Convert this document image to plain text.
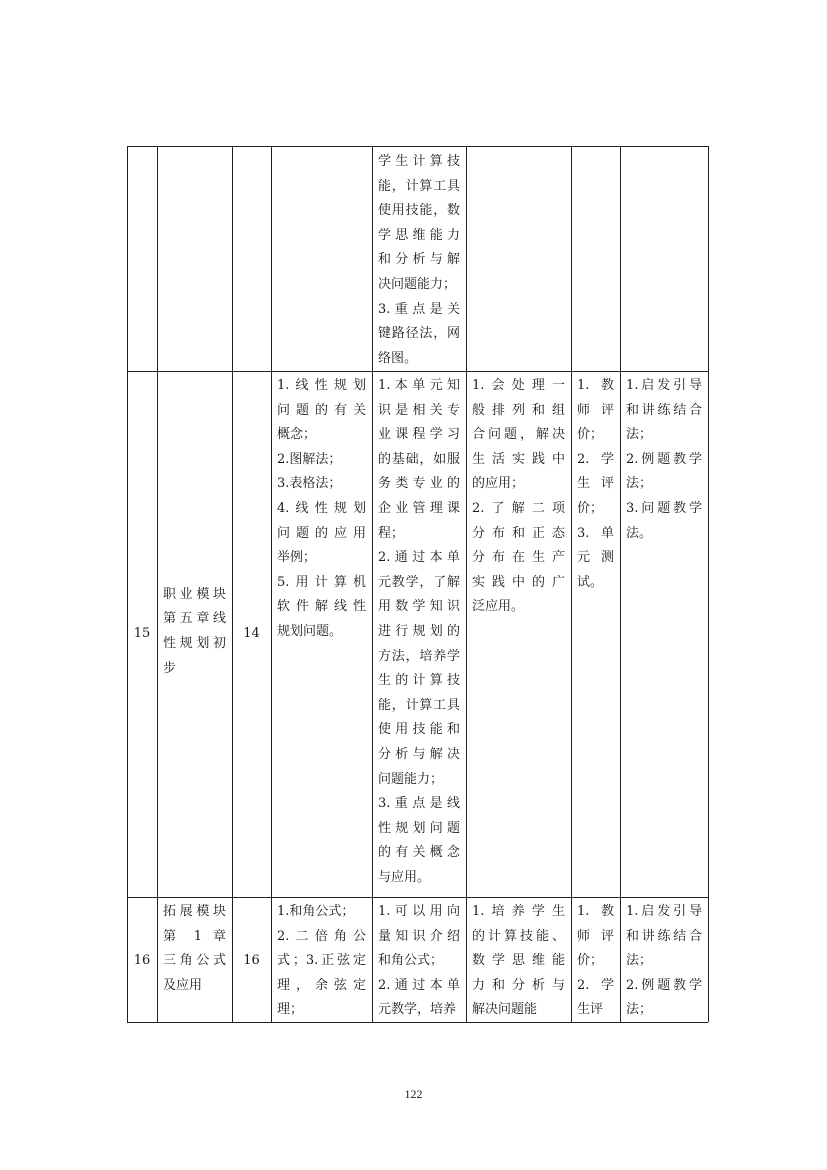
学生计算技
能，计算工具
使用技能，数
学思维能力
和分析与解
决问题能力；
3.重点是关
键路径法，网
络图。
15
职业模块
第五章线
性规划初
步
14
1.线性规划
问题的有关
概念；
2.图解法；
3.表格法；
4.线性规划
问题的应用
举例；
5.用计算机
软件解线性
规划问题。
1.本单元知
识是相关专
业课程学习
的基础，如服
务类专业的
企业管理课
程；
2.通过本单
元教学，了解
用数学知识
进行规划的
方法，培养学
生的计算技
能，计算工具
使用技能和
分析与解决
问题能力；
3.重点是线
性规划问题
的有关概念
与应用。
1.会处理一
般排列和组
合问题，解决
生活实践中
的应用；
2.了解二项
分布和正态
分布在生产
实践中的广
泛应用。
1.教
师评
价；
2.学
生评
价；
3.单
元测
试。
1.启发引导
和讲练结合
法；
2.例题教学
法；
3.问题教学
法。
16
拓展模块
第 1 章
三角公式
及应用
16
1.和角公式；
2.二倍角公
式；3.正弦定
理，余弦定
理；
1.可以用向
量知识介绍
和角公式；
2.通过本单
元教学，培养
1.培养学生
的计算技能、
数学思维能
力和分析与
解决问题能
1.教
师评
价；
2.学
生评
1.启发引导
和讲练结合
法；
2.例题教学
法；
122
